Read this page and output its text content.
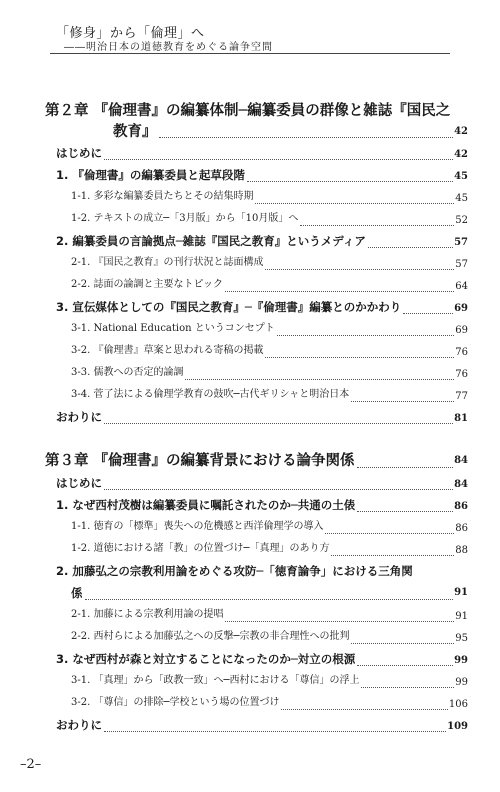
「修身」から「倫理」へ
――明治日本の道徳教育をめぐる論争空間
第２章 『倫理書』の編纂体制─編纂委員の群像と雑誌『国民之
教育』	42
はじめに	42
1. 『倫理書』の編纂委員と起草段階	45
1-1. 多彩な編纂委員たちとその結集時期	45
1-2. テキストの成立─「3月版」から「10月版」へ	52
2. 編纂委員の言論拠点─雑誌『国民之教育』というメディア	57
2-1. 『国民之教育』の刊行状況と誌面構成	57
2-2. 誌面の論調と主要なトピック	64
3. 宣伝媒体としての『国民之教育』─『倫理書』編纂とのかかわり	69
3-1. National Education というコンセプト	69
3-2. 『倫理書』草案と思われる寄稿の掲載	76
3-3. 儒教への否定的論調	76
3-4. 菅了法による倫理学教育の鼓吹─古代ギリシャと明治日本	77
おわりに	81
第３章 『倫理書』の編纂背景における論争関係	84
はじめに	84
1. なぜ西村茂樹は編纂委員に嘱託されたのか─共通の土俵	86
1-1. 徳育の「標準」喪失への危機感と西洋倫理学の導入	86
1-2. 道徳における諸「教」の位置づけ─「真理」のあり方	88
2. 加藤弘之の宗教利用論をめぐる攻防─「徳育論争」における三角関
係	91
2-1. 加藤による宗教利用論の提唱	91
2-2. 西村らによる加藤弘之への反撃─宗教の非合理性への批判	95
3. なぜ西村が森と対立することになったのか─対立の根源	99
3-1. 「真理」から「政教一致」へ─西村における「尊信」の浮上	99
3-2. 「尊信」の排除─学校という場の位置づけ	106
おわりに	109
–2–
